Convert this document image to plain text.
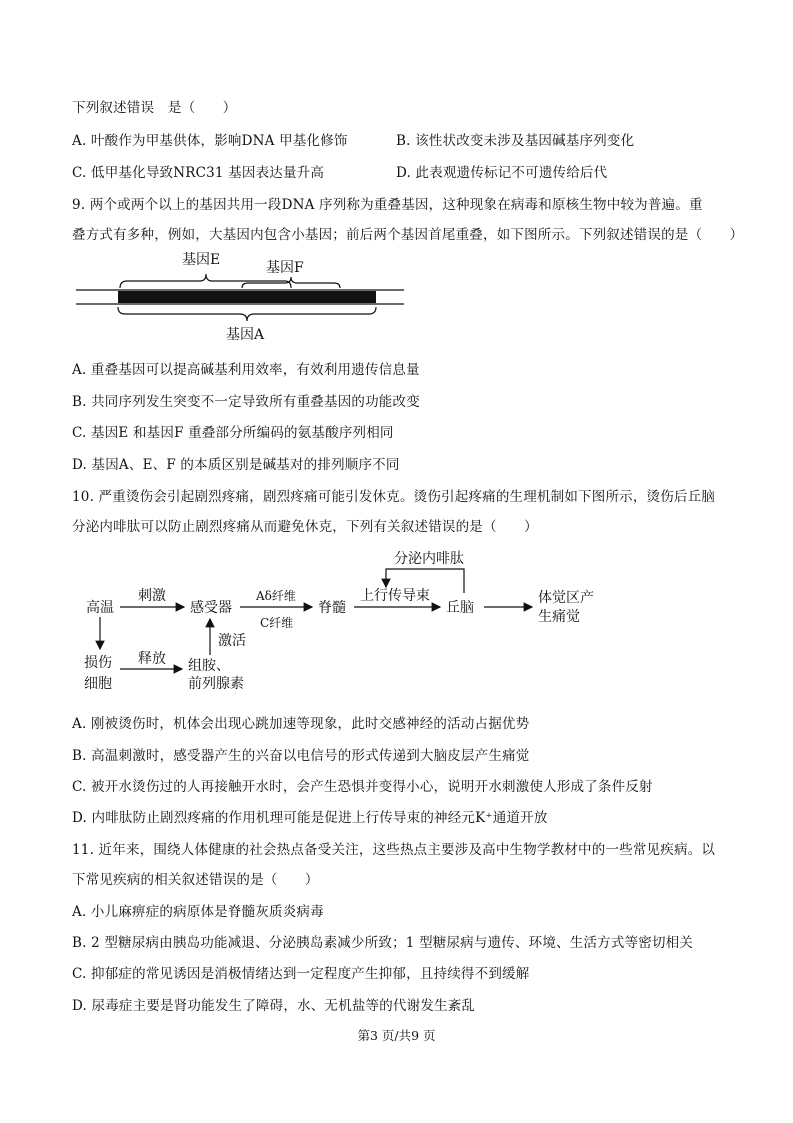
下列叙述错误　是（　　）
A. 叶酸作为甲基供体，影响DNA 甲基化修饰	B. 该性状改变未涉及基因碱基序列变化
C. 低甲基化导致NRC31 基因表达量升高	D. 此表观遗传标记不可遗传给后代
9. 两个或两个以上的基因共用一段DNA 序列称为重叠基因，这种现象在病毒和原核生物中较为普遍。重
叠方式有多种，例如，大基因内包含小基因；前后两个基因首尾重叠，如下图所示。下列叙述错误的是（　　）
基因E	基因F
基因A
A. 重叠基因可以提高碱基利用效率，有效利用遗传信息量
B. 共同序列发生突变不一定导致所有重叠基因的功能改变
C. 基因E 和基因F 重叠部分所编码的氨基酸序列相同
D. 基因A、E、F 的本质区别是碱基对的排列顺序不同
10. 严重烫伤会引起剧烈疼痛，剧烈疼痛可能引发休克。烫伤引起疼痛的生理机制如下图所示，烫伤后丘脑
分泌内啡肽可以防止剧烈疼痛从而避免休克，下列有关叙述错误的是（　　）
高温
刺激
感受器
Aδ纤维
C纤维
脊髓
上行传导束
丘脑
体觉区产
生痛觉
分泌内啡肽
损伤
细胞
释放 组胺、
前列腺素
激活
A. 刚被烫伤时，机体会出现心跳加速等现象，此时交感神经的活动占据优势
B. 高温刺激时，感受器产生的兴奋以电信号的形式传递到大脑皮层产生痛觉
C. 被开水烫伤过的人再接触开水时，会产生恐惧并变得小心，说明开水刺激使人形成了条件反射
D. 内啡肽防止剧烈疼痛的作用机理可能是促进上行传导束的神经元K⁺通道开放
11. 近年来，围绕人体健康的社会热点备受关注，这些热点主要涉及高中生物学教材中的一些常见疾病。以
下常见疾病的相关叙述错误的是（　　）
A. 小儿麻痹症的病原体是脊髓灰质炎病毒
B. 2 型糖尿病由胰岛功能减退、分泌胰岛素减少所致；1 型糖尿病与遗传、环境、生活方式等密切相关
C. 抑郁症的常见诱因是消极情绪达到一定程度产生抑郁，且持续得不到缓解
D. 尿毒症主要是肾功能发生了障碍，水、无机盐等的代谢发生紊乱
第3 页/共9 页
